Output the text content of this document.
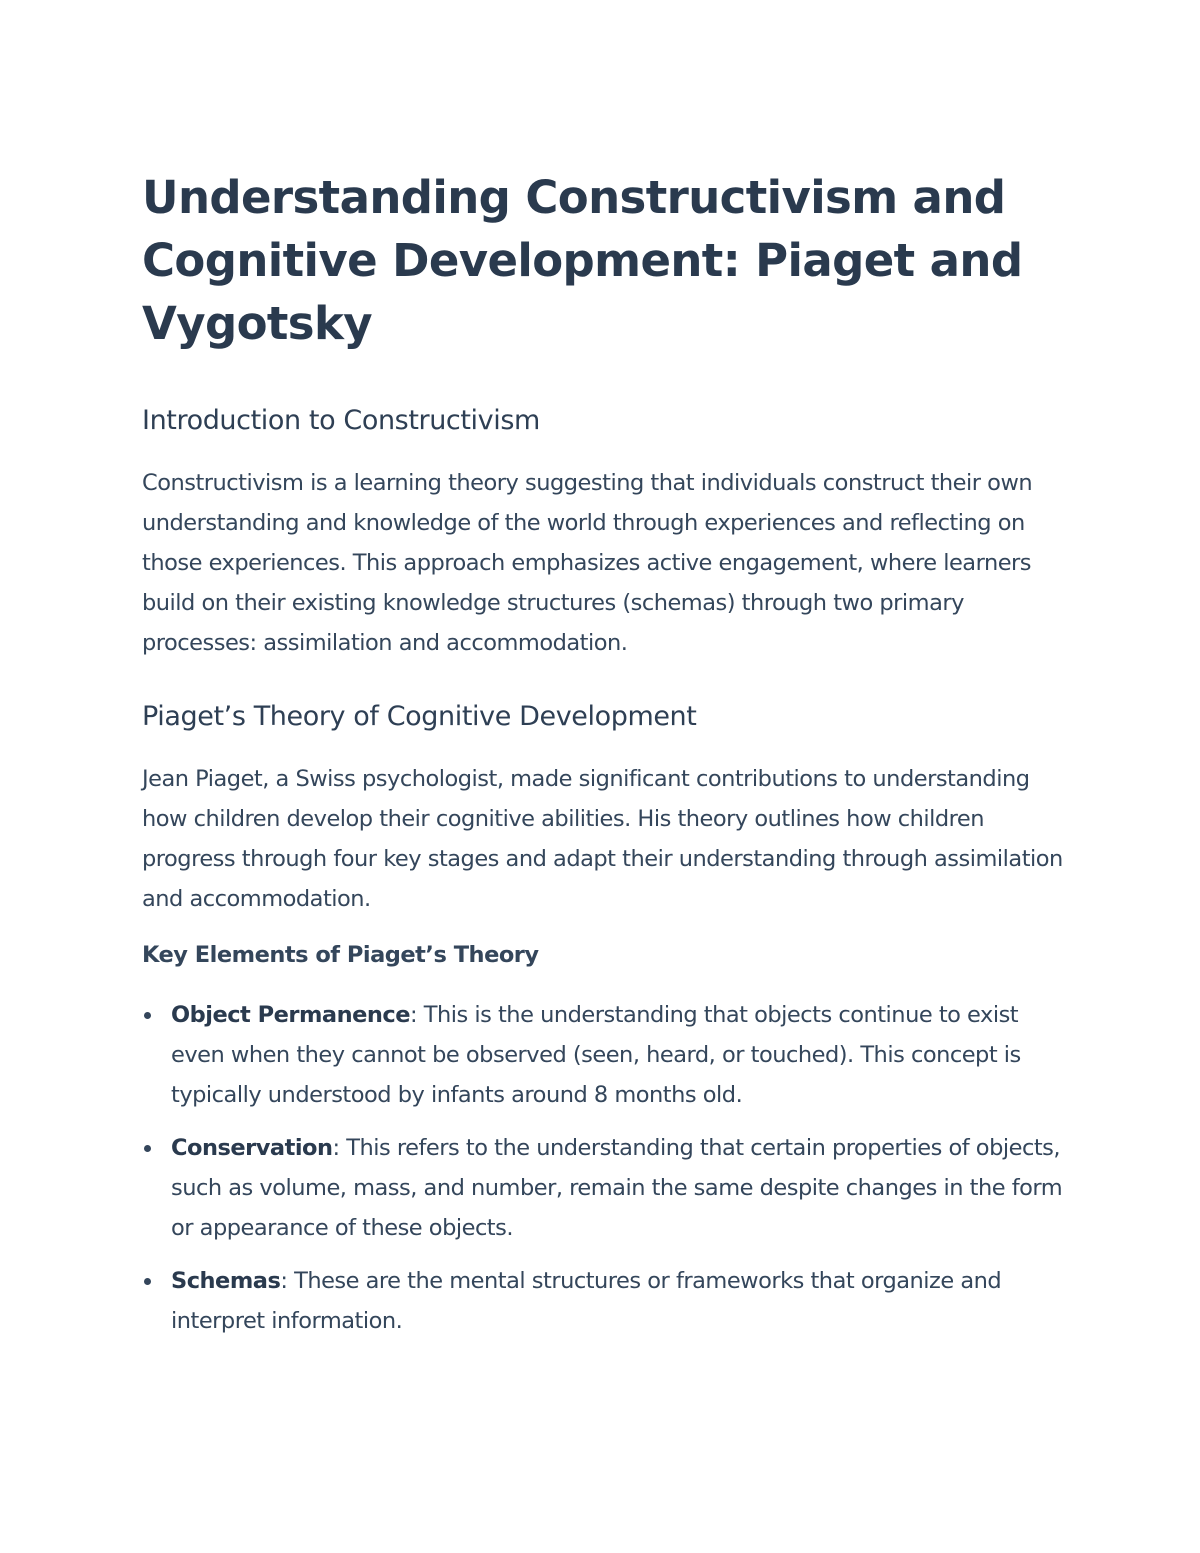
Understanding Constructivism and Cognitive Development: Piaget and Vygotsky
Introduction to Constructivism

Constructivism is a learning theory suggesting that individuals construct their own understanding and knowledge of the world through experiences and reflecting on those experiences. This approach emphasizes active engagement, where learners build on their existing knowledge structures (schemas) through two primary processes: assimilation and accommodation.

Piaget’s Theory of Cognitive Development

Jean Piaget, a Swiss psychologist, made significant contributions to understanding how children develop their cognitive abilities. His theory outlines how children progress through four key stages and adapt their understanding through assimilation and accommodation.

Key Elements of Piaget’s Theory
Object Permanence: This is the understanding that objects continue to exist even when they cannot be observed (seen, heard, or touched). This concept is typically understood by infants around 8 months old.
Conservation: This refers to the understanding that certain properties of objects, such as volume, mass, and number, remain the same despite changes in the form or appearance of these objects.
Schemas: These are the mental structures or frameworks that organize and interpret information.
